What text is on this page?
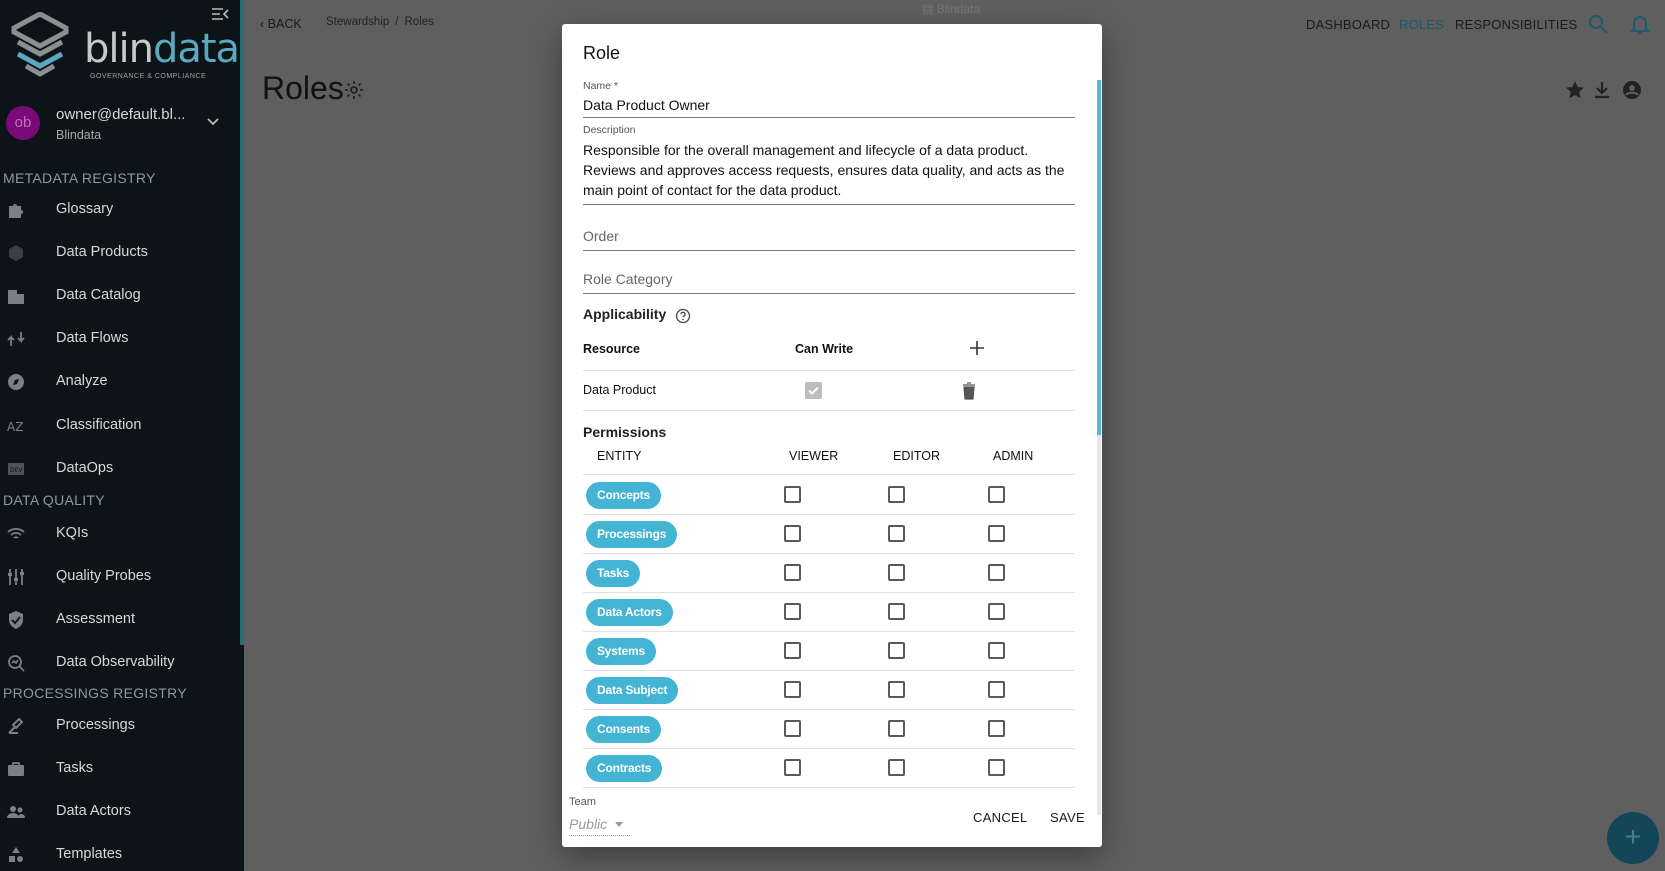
blindata
GOVERNANCE & COMPLIANCE
ob	owner@default.bl...
Blindata
METADATA REGISTRY
Glossary
Data Products
Data Catalog
Data Flows
Analyze
AZ Classification
DEV DataOps
DATA QUALITY
KQIs
Quality Probes
Assessment
Data Observability
PROCESSINGS REGISTRY
Processings
Tasks
Data Actors
Templates
‹ BACK Stewardship / Roles
Roles
▤ Blindata
DASHBOARD ROLES RESPONSIBILITIES
+
Role
Name *
Data Product Owner
Description
Responsible for the overall management and lifecycle of a data product. Reviews and approves access requests, ensures data quality, and acts as the main point of contact for the data product.
Order
Role Category
Applicability
Resource	Can Write
Data Product
Permissions
ENTITY	VIEWER	EDITOR	ADMIN
Concepts
Processings
Tasks
Data Actors
Systems
Data Subject
Consents
Contracts
Team
Public	CANCEL SAVE
